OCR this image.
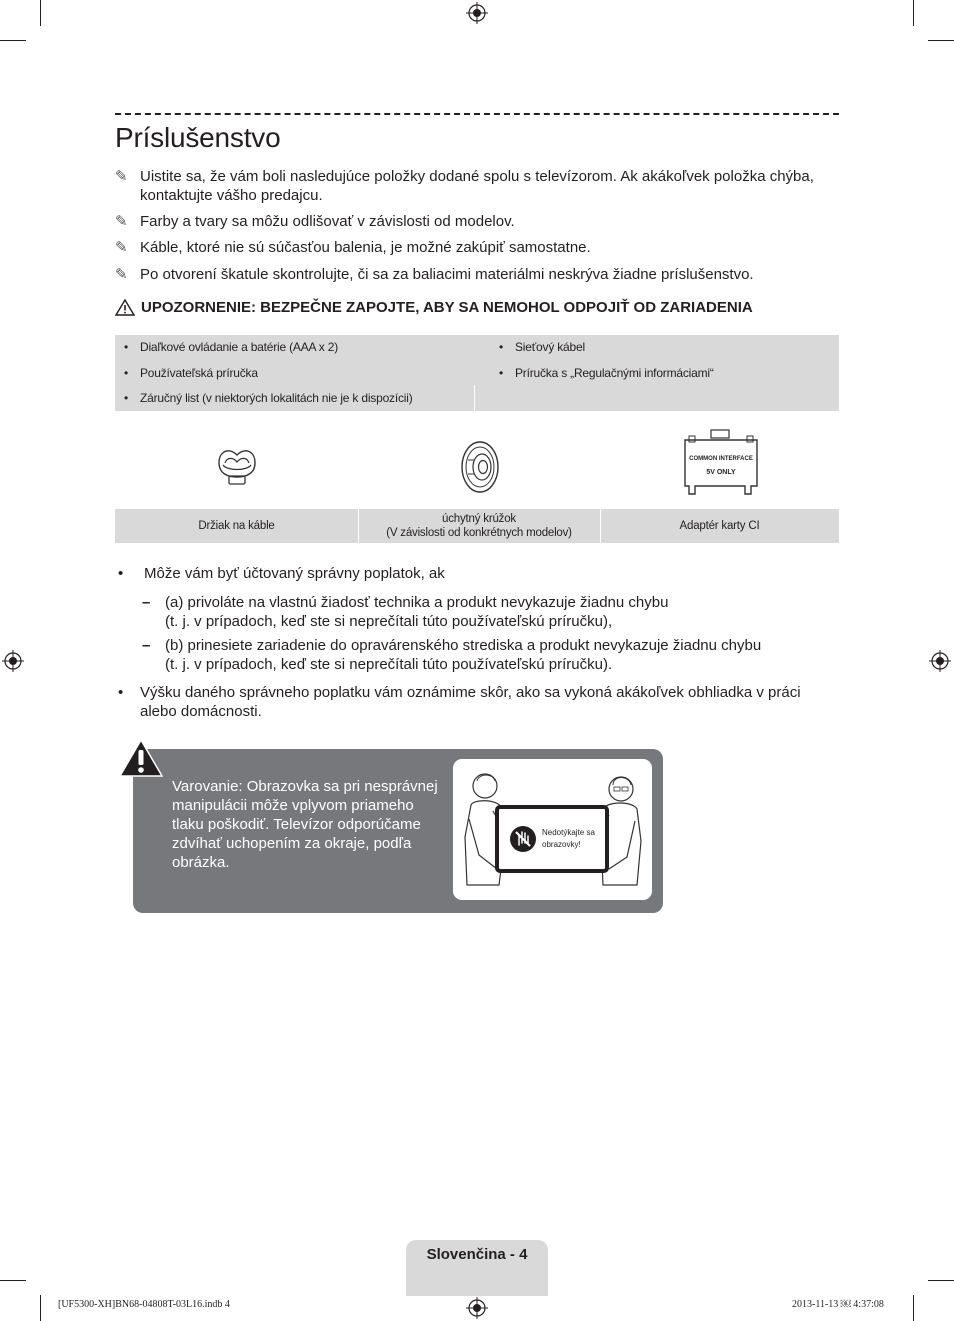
Príslušenstvo
✎ Uistite sa, že vám boli nasledujúce položky dodané spolu s televízorom. Ak akákoľvek položka chýba, kontaktujte vášho predajcu.
✎ Farby a tvary sa môžu odlišovať v závislosti od modelov.
✎ Káble, ktoré nie sú súčasťou balenia, je možné zakúpiť samostatne.
✎ Po otvorení škatule skontrolujte, či sa za baliacimi materiálmi neskrýva žiadne príslušenstvo.
UPOZORNENIE: BEZPEČNE ZAPOJTE, ABY SA NEMOHOL ODPOJIŤ OD ZARIADENIA
• Diaľkové ovládanie a batérie (AAA x 2)
• Používateľská príručka
• Záručný list (v niektorých lokalitách nie je k dispozícii)
• Sieťový kábel
• Príručka s „Regulačnými informáciami“
COMMON INTERFACE
5V ONLY
Držiak na káble
úchytný krúžok
(V závislosti od konkrétnych modelov)
Adaptér karty CI
• Môže vám byť účtovaný správny poplatok, ak
– (a) privoláte na vlastnú žiadosť technika a produkt nevykazuje žiadnu chybu
(t. j. v prípadoch, keď ste si neprečítali túto používateľskú príručku),
– (b) prinesiete zariadenie do opravárenského strediska a produkt nevykazuje žiadnu chybu
(t. j. v prípadoch, keď ste si neprečítali túto používateľskú príručku).
• Výšku daného správneho poplatku vám oznámime skôr, ako sa vykoná akákoľvek obhliadka v práci alebo domácnosti.
Varovanie: Obrazovka sa pri nesprávnej manipulácii môže vplyvom priameho tlaku poškodiť. Televízor odporúčame zdvíhať uchopením za okraje, podľa obrázka.
Nedotýkajte sa
obrazovky!
Slovenčina - 4
[UF5300-XH]BN68-04808T-03L16.indb 4	2013-11-13 ￼ 4:37:08
